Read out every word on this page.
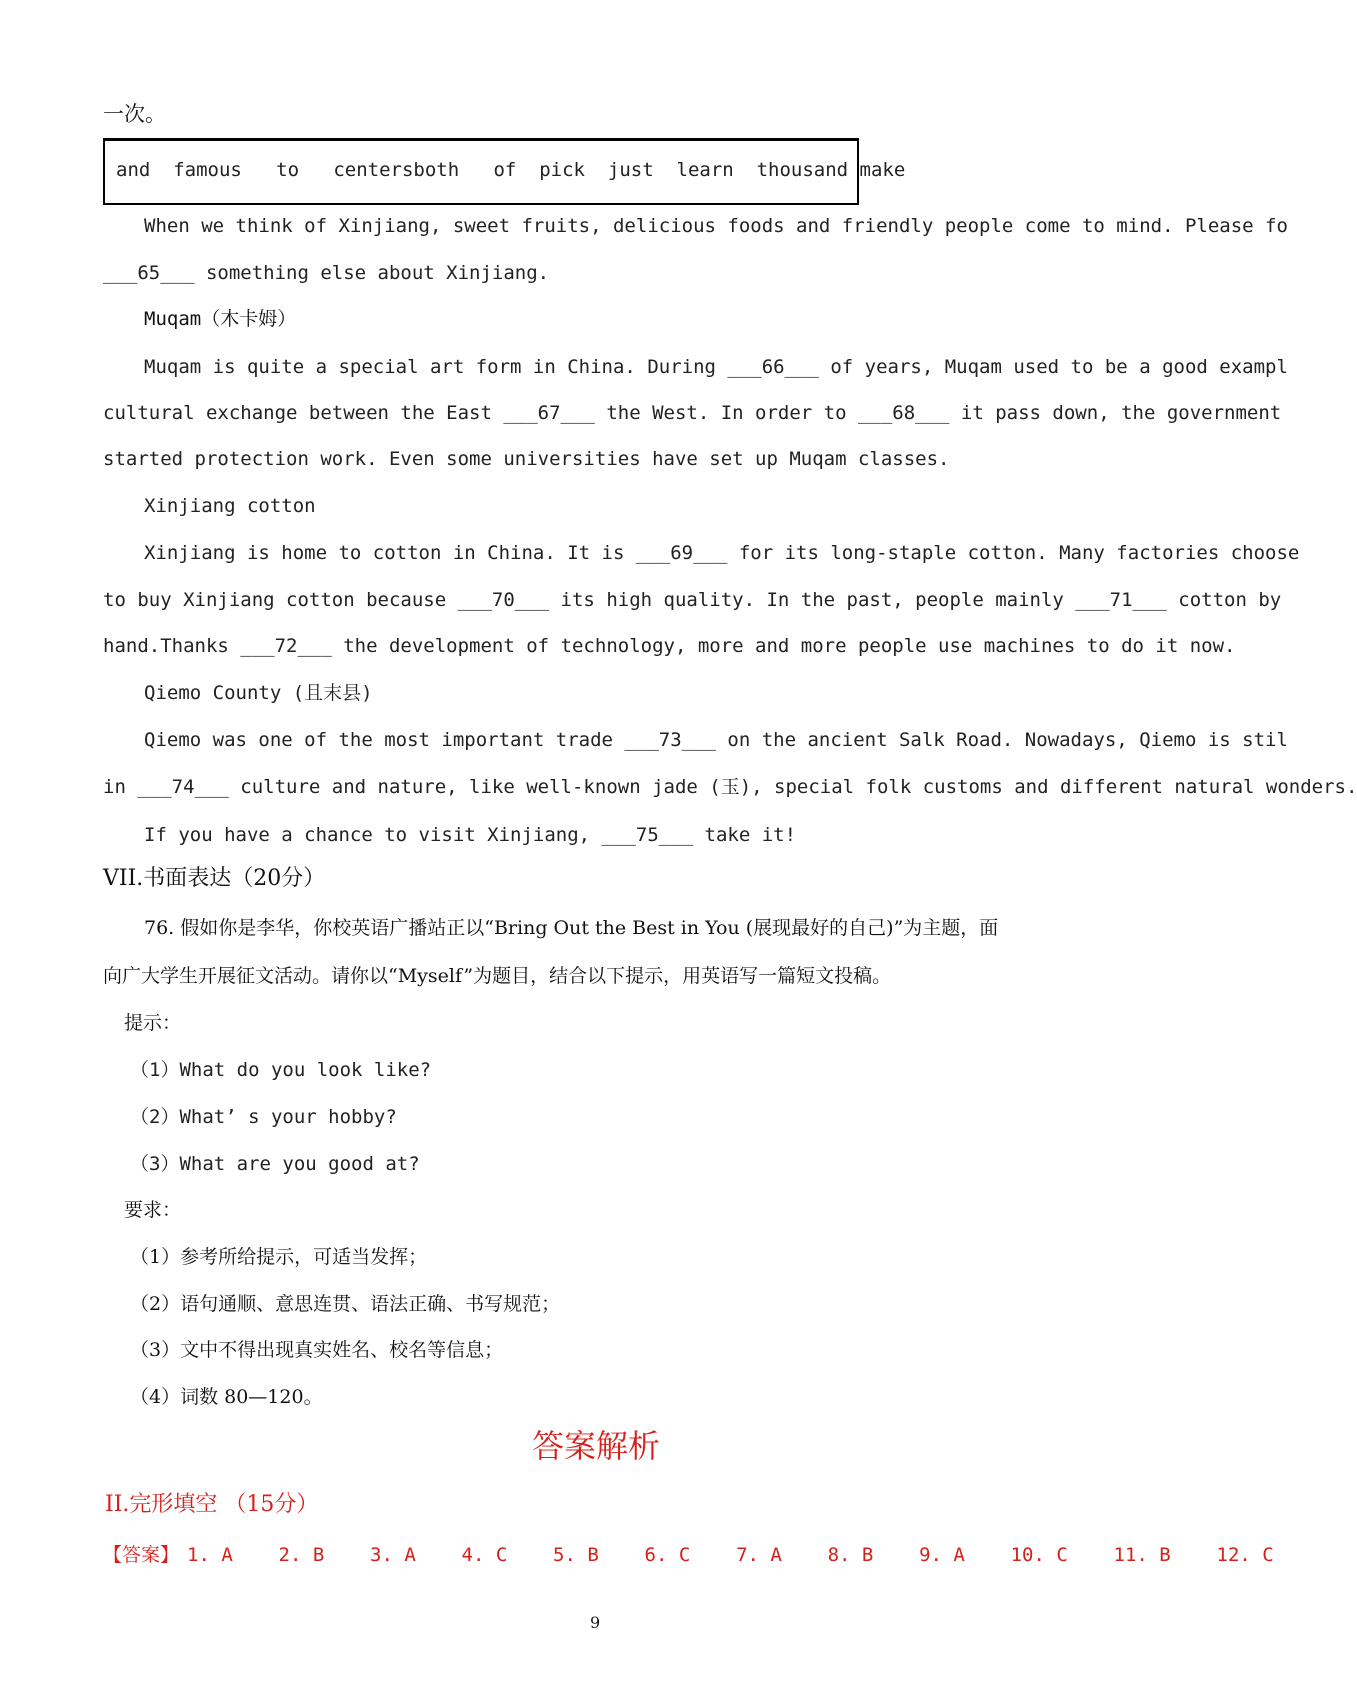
一次。
and  famous   to   centersboth   of  pick  just  learn  thousand make
When we think of Xinjiang, sweet fruits, delicious foods and friendly people come to mind. Please fo
___65___ something else about Xinjiang.
Muqam（木卡姆）
Muqam is quite a special art form in China. During ___66___ of years, Muqam used to be a good exampl
cultural exchange between the East ___67___ the West. In order to ___68___ it pass down, the government
started protection work. Even some universities have set up Muqam classes.
Xinjiang cotton
Xinjiang is home to cotton in China. It is ___69___ for its long-staple cotton. Many factories choose
to buy Xinjiang cotton because ___70___ its high quality. In the past, people mainly ___71___ cotton by
hand.Thanks ___72___ the development of technology, more and more people use machines to do it now.
Qiemo County (且末县)
Qiemo was one of the most important trade ___73___ on the ancient Salk Road. Nowadays, Qiemo is stil
in ___74___ culture and nature, like well-known jade (玉), special folk customs and different natural wonders.
If you have a chance to visit Xinjiang, ___75___ take it!
VII.书面表达（20分）
76. 假如你是李华，你校英语广播站正以“Bring Out the Best in You (展现最好的自己)”为主题，面
向广大学生开展征文活动。请你以“Myself”为题目，结合以下提示，用英语写一篇短文投稿。
提示：
（1）What do you look like?
（2）What’ s your hobby?
（3）What are you good at?
要求：
（1）参考所给提示，可适当发挥；
（2）语句通顺、意思连贯、语法正确、书写规范；
（3）文中不得出现真实姓名、校名等信息；
（4）词数 80—120。
答案解析
II.完形填空 （15分）
【答案】 1. A    2. B    3. A    4. C    5. B    6. C    7. A    8. B    9. A    10. C    11. B    12. C
9
